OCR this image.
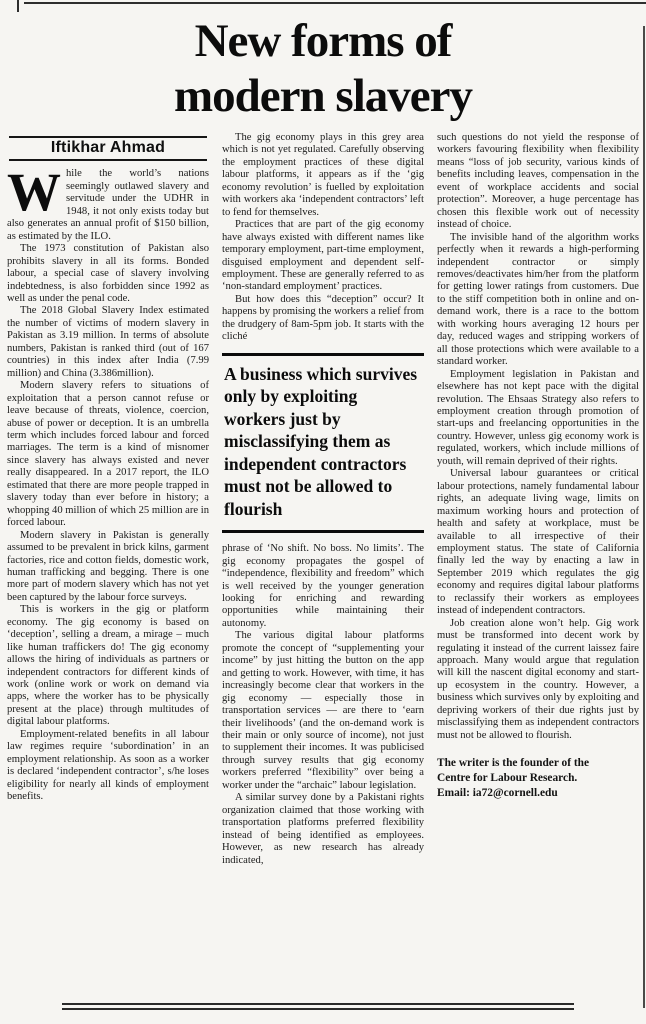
New forms of
modern slavery
Iftikhar Ahmad

While the world’s nations seemingly outlawed slavery and servitude under the UDHR in 1948, it not only exists today but also generates an annual profit of $150 billion, as estimated by the ILO.

The 1973 constitution of Pakistan also prohibits slavery in all its forms. Bonded labour, a special case of slavery involving indebtedness, is also forbidden since 1992 as well as under the penal code.

The 2018 Global Slavery Index estimated the number of victims of modern slavery in Pakistan as 3.19 million. In terms of absolute numbers, Pakistan is ranked third (out of 167 countries) in this index after India (7.99 million) and China (3.386million).

Modern slavery refers to situations of exploitation that a person cannot refuse or leave because of threats, violence, coercion, abuse of power or deception. It is an umbrella term which includes forced labour and forced marriages. The term is a kind of misnomer since slavery has always existed and never really disappeared. In a 2017 report, the ILO estimated that there are more people trapped in slavery today than ever before in history; a whopping 40 million of which 25 million are in forced labour.

Modern slavery in Pakistan is generally assumed to be prevalent in brick kilns, garment factories, rice and cotton fields, domestic work, human trafficking and begging. There is one more part of modern slavery which has not yet been captured by the labour force surveys.

This is workers in the gig or platform economy. The gig economy is based on ‘deception’, selling a dream, a mirage – much like human traffickers do! The gig economy allows the hiring of individuals as partners or independent contractors for different kinds of work (online work or work on demand via apps, where the worker has to be physically present at the place) through multitudes of digital labour platforms.

Employment-related benefits in all labour law regimes require ‘subordination’ in an employment relationship. As soon as a worker is declared ‘independent contractor’, s/he loses eligibility for nearly all kinds of employment benefits.

The gig economy plays in this grey area which is not yet regulated. Carefully observing the employment practices of these digital labour platforms, it appears as if the ‘gig economy revolution’ is fuelled by exploitation with workers aka ‘independent contractors’ left to fend for themselves.

Practices that are part of the gig economy have always existed with different names like temporary employment, part-time employment, disguised employment and dependent self-employment. These are generally referred to as ‘non-standard employment’ practices.

But how does this “deception” occur? It happens by promising the workers a relief from the drudgery of 8am-5pm job. It starts with the cliché

A business which survives only by exploiting workers just by misclassifying them as independent contractors must not be allowed to flourish

phrase of ‘No shift. No boss. No limits’. The gig economy propagates the gospel of “independence, flexibility and freedom” which is well received by the younger generation looking for enriching and rewarding opportunities while maintaining their autonomy.

The various digital labour platforms promote the concept of “supplementing your income” by just hitting the button on the app and getting to work. However, with time, it has increasingly become clear that workers in the gig economy — especially those in transportation services — are there to ‘earn their livelihoods’ (and the on-demand work is their main or only source of income), not just to supplement their incomes. It was publicised through survey results that gig economy workers preferred “flexibility” over being a worker under the “archaic” labour legislation.

A similar survey done by a Pakistani rights organization claimed that those working with transportation platforms preferred flexibility instead of being identified as employees. However, as new research has already indicated,

such questions do not yield the response of workers favouring flexibility when flexibility means “loss of job security, various kinds of benefits including leaves, compensation in the event of workplace accidents and social protection”. Moreover, a huge percentage has chosen this flexible work out of necessity instead of choice.

The invisible hand of the algorithm works perfectly when it rewards a high-performing independent contractor or simply removes/deactivates him/her from the platform for getting lower ratings from customers. Due to the stiff competition both in online and on-demand work, there is a race to the bottom with working hours averaging 12 hours per day, reduced wages and stripping workers of all those protections which were available to a standard worker.

Employment legislation in Pakistan and elsewhere has not kept pace with the digital revolution. The Ehsaas Strategy also refers to employment creation through promotion of start-ups and freelancing opportunities in the country. However, unless gig economy work is regulated, workers, which include millions of youth, will remain deprived of their rights.

Universal labour guarantees or critical labour protections, namely fundamental labour rights, an adequate living wage, limits on maximum working hours and protection of health and safety at workplace, must be available to all irrespective of their employment status. The state of California finally led the way by enacting a law in September 2019 which regulates the gig economy and requires digital labour platforms to reclassify their workers as employees instead of independent contractors.

Job creation alone won’t help. Gig work must be transformed into decent work by regulating it instead of the current laissez faire approach. Many would argue that regulation will kill the nascent digital economy and start-up ecosystem in the country. However, a business which survives only by exploiting and depriving workers of their due rights just by misclassifying them as independent contractors must not be allowed to flourish.

The writer is the founder of the
Centre for Labour Research.
Email: ia72@cornell.edu
